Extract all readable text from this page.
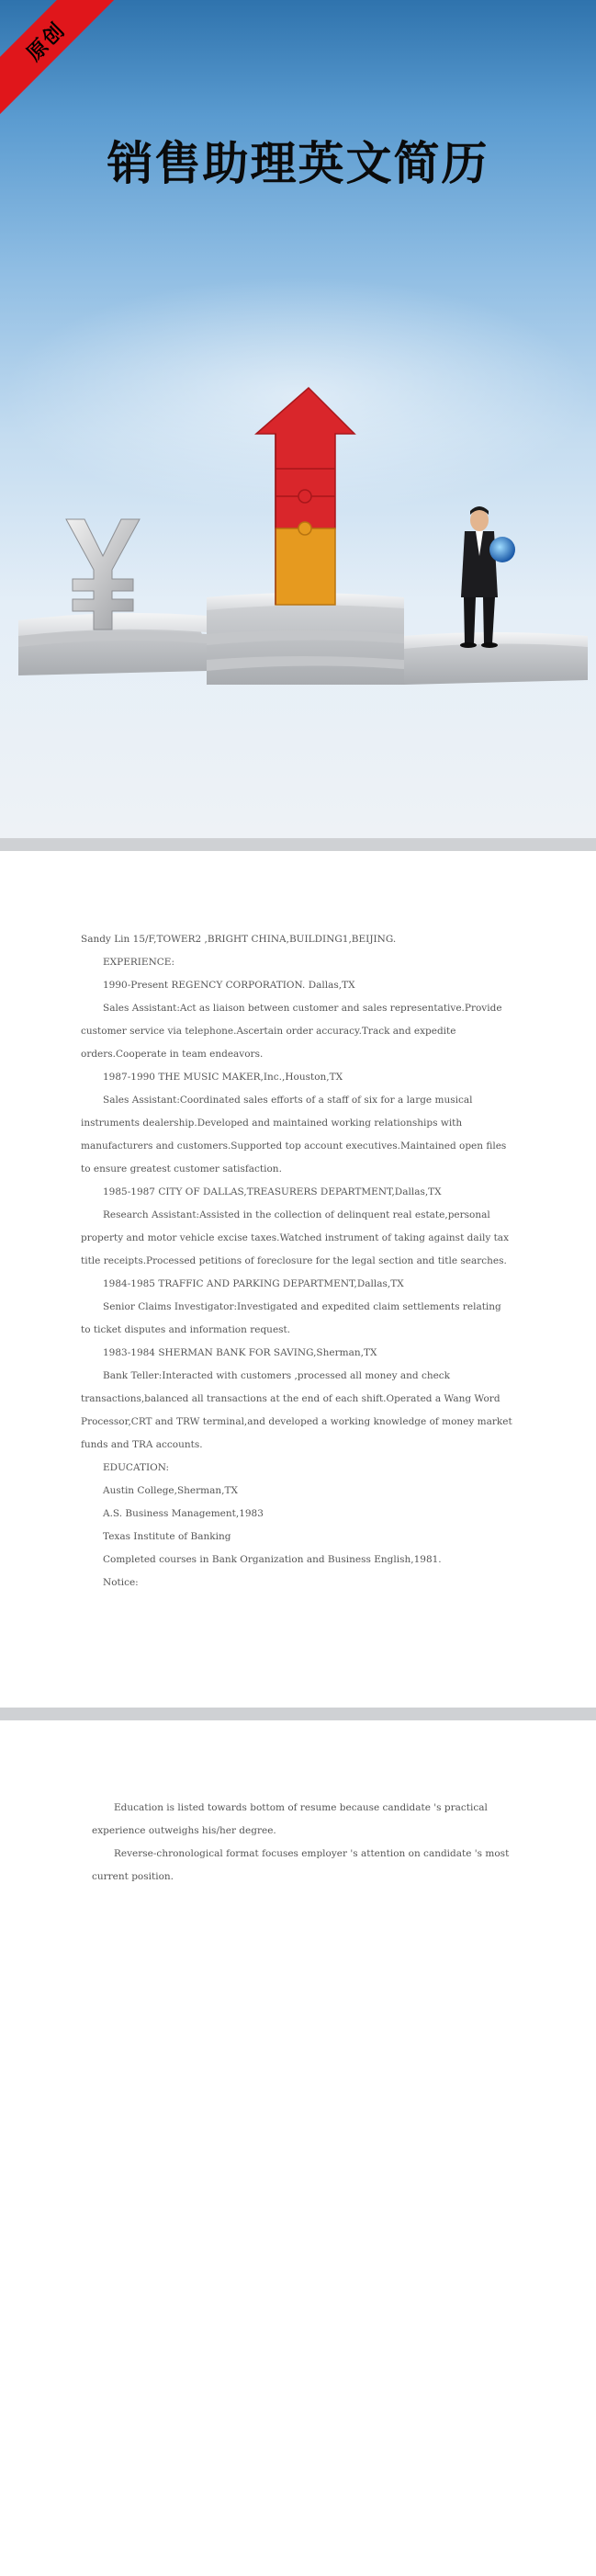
原创
销售助理英文简历

Sandy Lin 15/F,TOWER2 ,BRIGHT CHINA,BUILDING1,BEIJING.

EXPERIENCE:

1990-Present REGENCY CORPORATION. Dallas,TX

Sales Assistant:Act as liaison between customer and sales representative.Provide customer service via telephone.Ascertain order accuracy.Track and expedite orders.Cooperate in team endeavors.

1987-1990 THE MUSIC MAKER,Inc.,Houston,TX

Sales Assistant:Coordinated sales efforts of a staff of six for a large musical instruments dealership.Developed and maintained working relationships with manufacturers and customers.Supported top account executives.Maintained open files to ensure greatest customer satisfaction.

1985-1987 CITY OF DALLAS,TREASURERS DEPARTMENT,Dallas,TX

Research Assistant:Assisted in the collection of delinquent real estate,personal property and motor vehicle excise taxes.Watched instrument of taking against daily tax title receipts.Processed petitions of foreclosure for the legal section and title searches.

1984-1985 TRAFFIC AND PARKING DEPARTMENT,Dallas,TX

Senior Claims Investigator:Investigated and expedited claim settlements relating to ticket disputes and information request.

1983-1984 SHERMAN BANK FOR SAVING,Sherman,TX

Bank Teller:Interacted with customers ,processed all money and check transactions,balanced all transactions at the end of each shift.Operated a Wang Word Processor,CRT and TRW terminal,and developed a working knowledge of money market funds and TRA accounts.

EDUCATION:

Austin College,Sherman,TX

A.S. Business Management,1983

Texas Institute of Banking

Completed courses in Bank Organization and Business English,1981.

Notice:

Education is listed towards bottom of resume because candidate 's practical experience outweighs his/her degree.

Reverse-chronological format focuses employer 's attention on candidate 's most current position.
